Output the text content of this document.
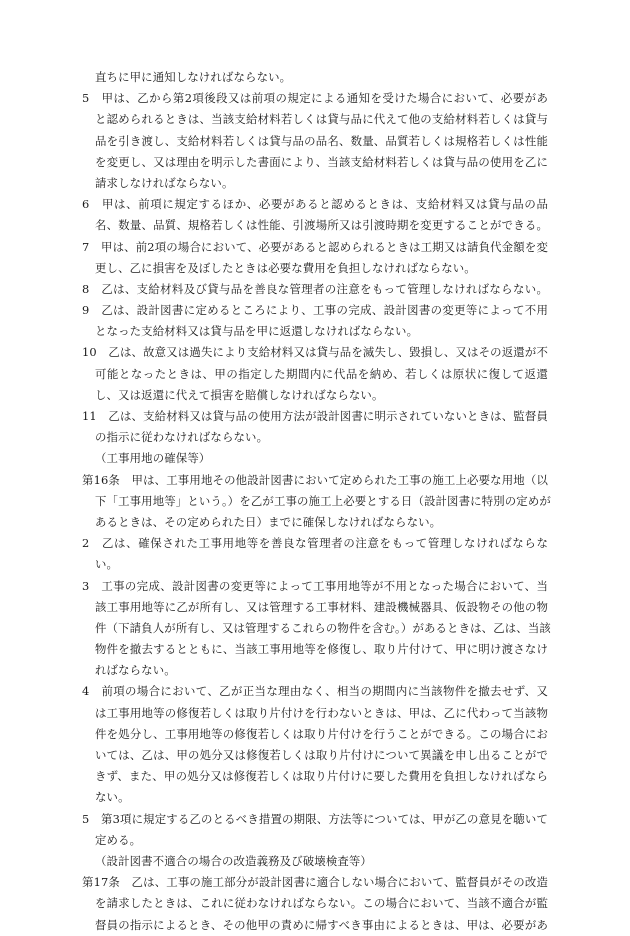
直ちに甲に通知しなければならない。
5　甲は、乙から第2項後段又は前項の規定による通知を受けた場合において、必要があ
と認められるときは、当該支給材料若しくは貸与品に代えて他の支給材料若しくは貸与
品を引き渡し、支給材料若しくは貸与品の品名、数量、品質若しくは規格若しくは性能
を変更し、又は理由を明示した書面により、当該支給材料若しくは貸与品の使用を乙に
請求しなければならない。
6　甲は、前項に規定するほか、必要があると認めるときは、支給材料又は貸与品の品
名、数量、品質、規格若しくは性能、引渡場所又は引渡時期を変更することができる。
7　甲は、前2項の場合において、必要があると認められるときは工期又は請負代金額を変
更し、乙に損害を及ぼしたときは必要な費用を負担しなければならない。
8　乙は、支給材料及び貸与品を善良な管理者の注意をもって管理しなければならない。
9　乙は、設計図書に定めるところにより、工事の完成、設計図書の変更等によって不用
となった支給材料又は貸与品を甲に返還しなければならない。
10　乙は、故意又は過失により支給材料又は貸与品を滅失し、毀損し、又はその返還が不
可能となったときは、甲の指定した期間内に代品を納め、若しくは原状に復して返還
し、又は返還に代えて損害を賠償しなければならない。
11　乙は、支給材料又は貸与品の使用方法が設計図書に明示されていないときは、監督員
の指示に従わなければならない。
（工事用地の確保等）
第16条　甲は、工事用地その他設計図書において定められた工事の施工上必要な用地（以
下「工事用地等」という。）を乙が工事の施工上必要とする日（設計図書に特別の定めが
あるときは、その定められた日）までに確保しなければならない。
2　乙は、確保された工事用地等を善良な管理者の注意をもって管理しなければならな
い。
3　工事の完成、設計図書の変更等によって工事用地等が不用となった場合において、当
該工事用地等に乙が所有し、又は管理する工事材料、建設機械器具、仮設物その他の物
件（下請負人が所有し、又は管理するこれらの物件を含む。）があるときは、乙は、当該
物件を撤去するとともに、当該工事用地等を修復し、取り片付けて、甲に明け渡さなけ
ればならない。
4　前項の場合において、乙が正当な理由なく、相当の期間内に当該物件を撤去せず、又
は工事用地等の修復若しくは取り片付けを行わないときは、甲は、乙に代わって当該物
件を処分し、工事用地等の修復若しくは取り片付けを行うことができる。この場合にお
いては、乙は、甲の処分又は修復若しくは取り片付けについて異議を申し出ることがで
きず、また、甲の処分又は修復若しくは取り片付けに要した費用を負担しなければなら
ない。
5　第3項に規定する乙のとるべき措置の期限、方法等については、甲が乙の意見を聴いて
定める。
（設計図書不適合の場合の改造義務及び破壊検査等）
第17条　乙は、工事の施工部分が設計図書に適合しない場合において、監督員がその改造
を請求したときは、これに従わなければならない。この場合において、当該不適合が監
督員の指示によるとき、その他甲の責めに帰すべき事由によるときは、甲は、必要があ
